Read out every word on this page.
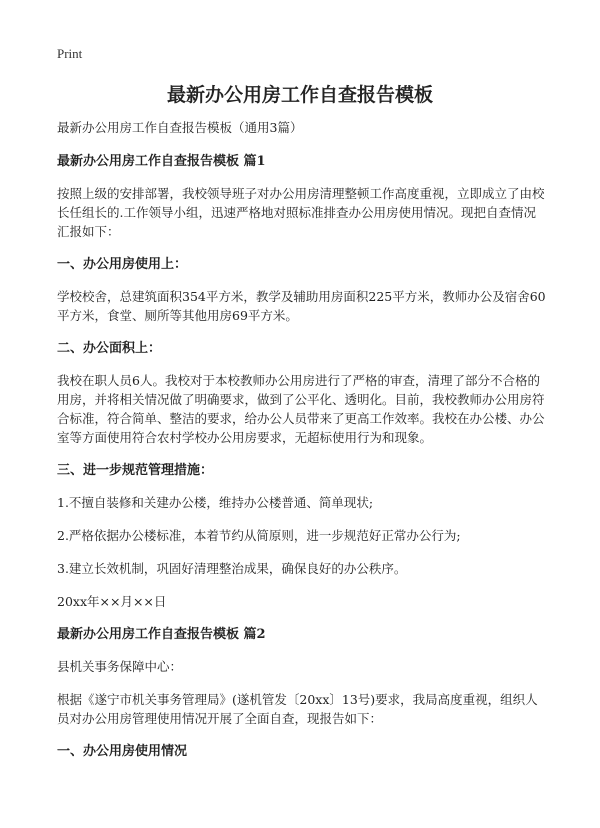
Print
最新办公用房工作自查报告模板

最新办公用房工作自查报告模板（通用3篇）

最新办公用房工作自查报告模板 篇1

按照上级的安排部署，我校领导班子对办公用房清理整顿工作高度重视，立即成立了由校长任组长的.工作领导小组，迅速严格地对照标准排查办公用房使用情况。现把自查情况汇报如下：

一、办公用房使用上：

学校校舍，总建筑面积354平方米，教学及辅助用房面积225平方米，教师办公及宿舍60平方米，食堂、厕所等其他用房69平方米。

二、办公面积上：

我校在职人员6人。我校对于本校教师办公用房进行了严格的审查，清理了部分不合格的用房，并将相关情况做了明确要求，做到了公平化、透明化。目前，我校教师办公用房符合标准，符合简单、整洁的要求，给办公人员带来了更高工作效率。我校在办公楼、办公室等方面使用符合农村学校办公用房要求，无超标使用行为和现象。

三、进一步规范管理措施：

1.不擅自装修和关建办公楼，维持办公楼普通、简单现状;

2.严格依据办公楼标准，本着节约从简原则，进一步规范好正常办公行为;

3.建立长效机制，巩固好清理整治成果，确保良好的办公秩序。

20xx年××月××日

最新办公用房工作自查报告模板 篇2

县机关事务保障中心：

根据《遂宁市机关事务管理局》(遂机管发〔20xx〕13号)要求，我局高度重视，组织人员对办公用房管理使用情况开展了全面自查，现报告如下：

一、办公用房使用情况
